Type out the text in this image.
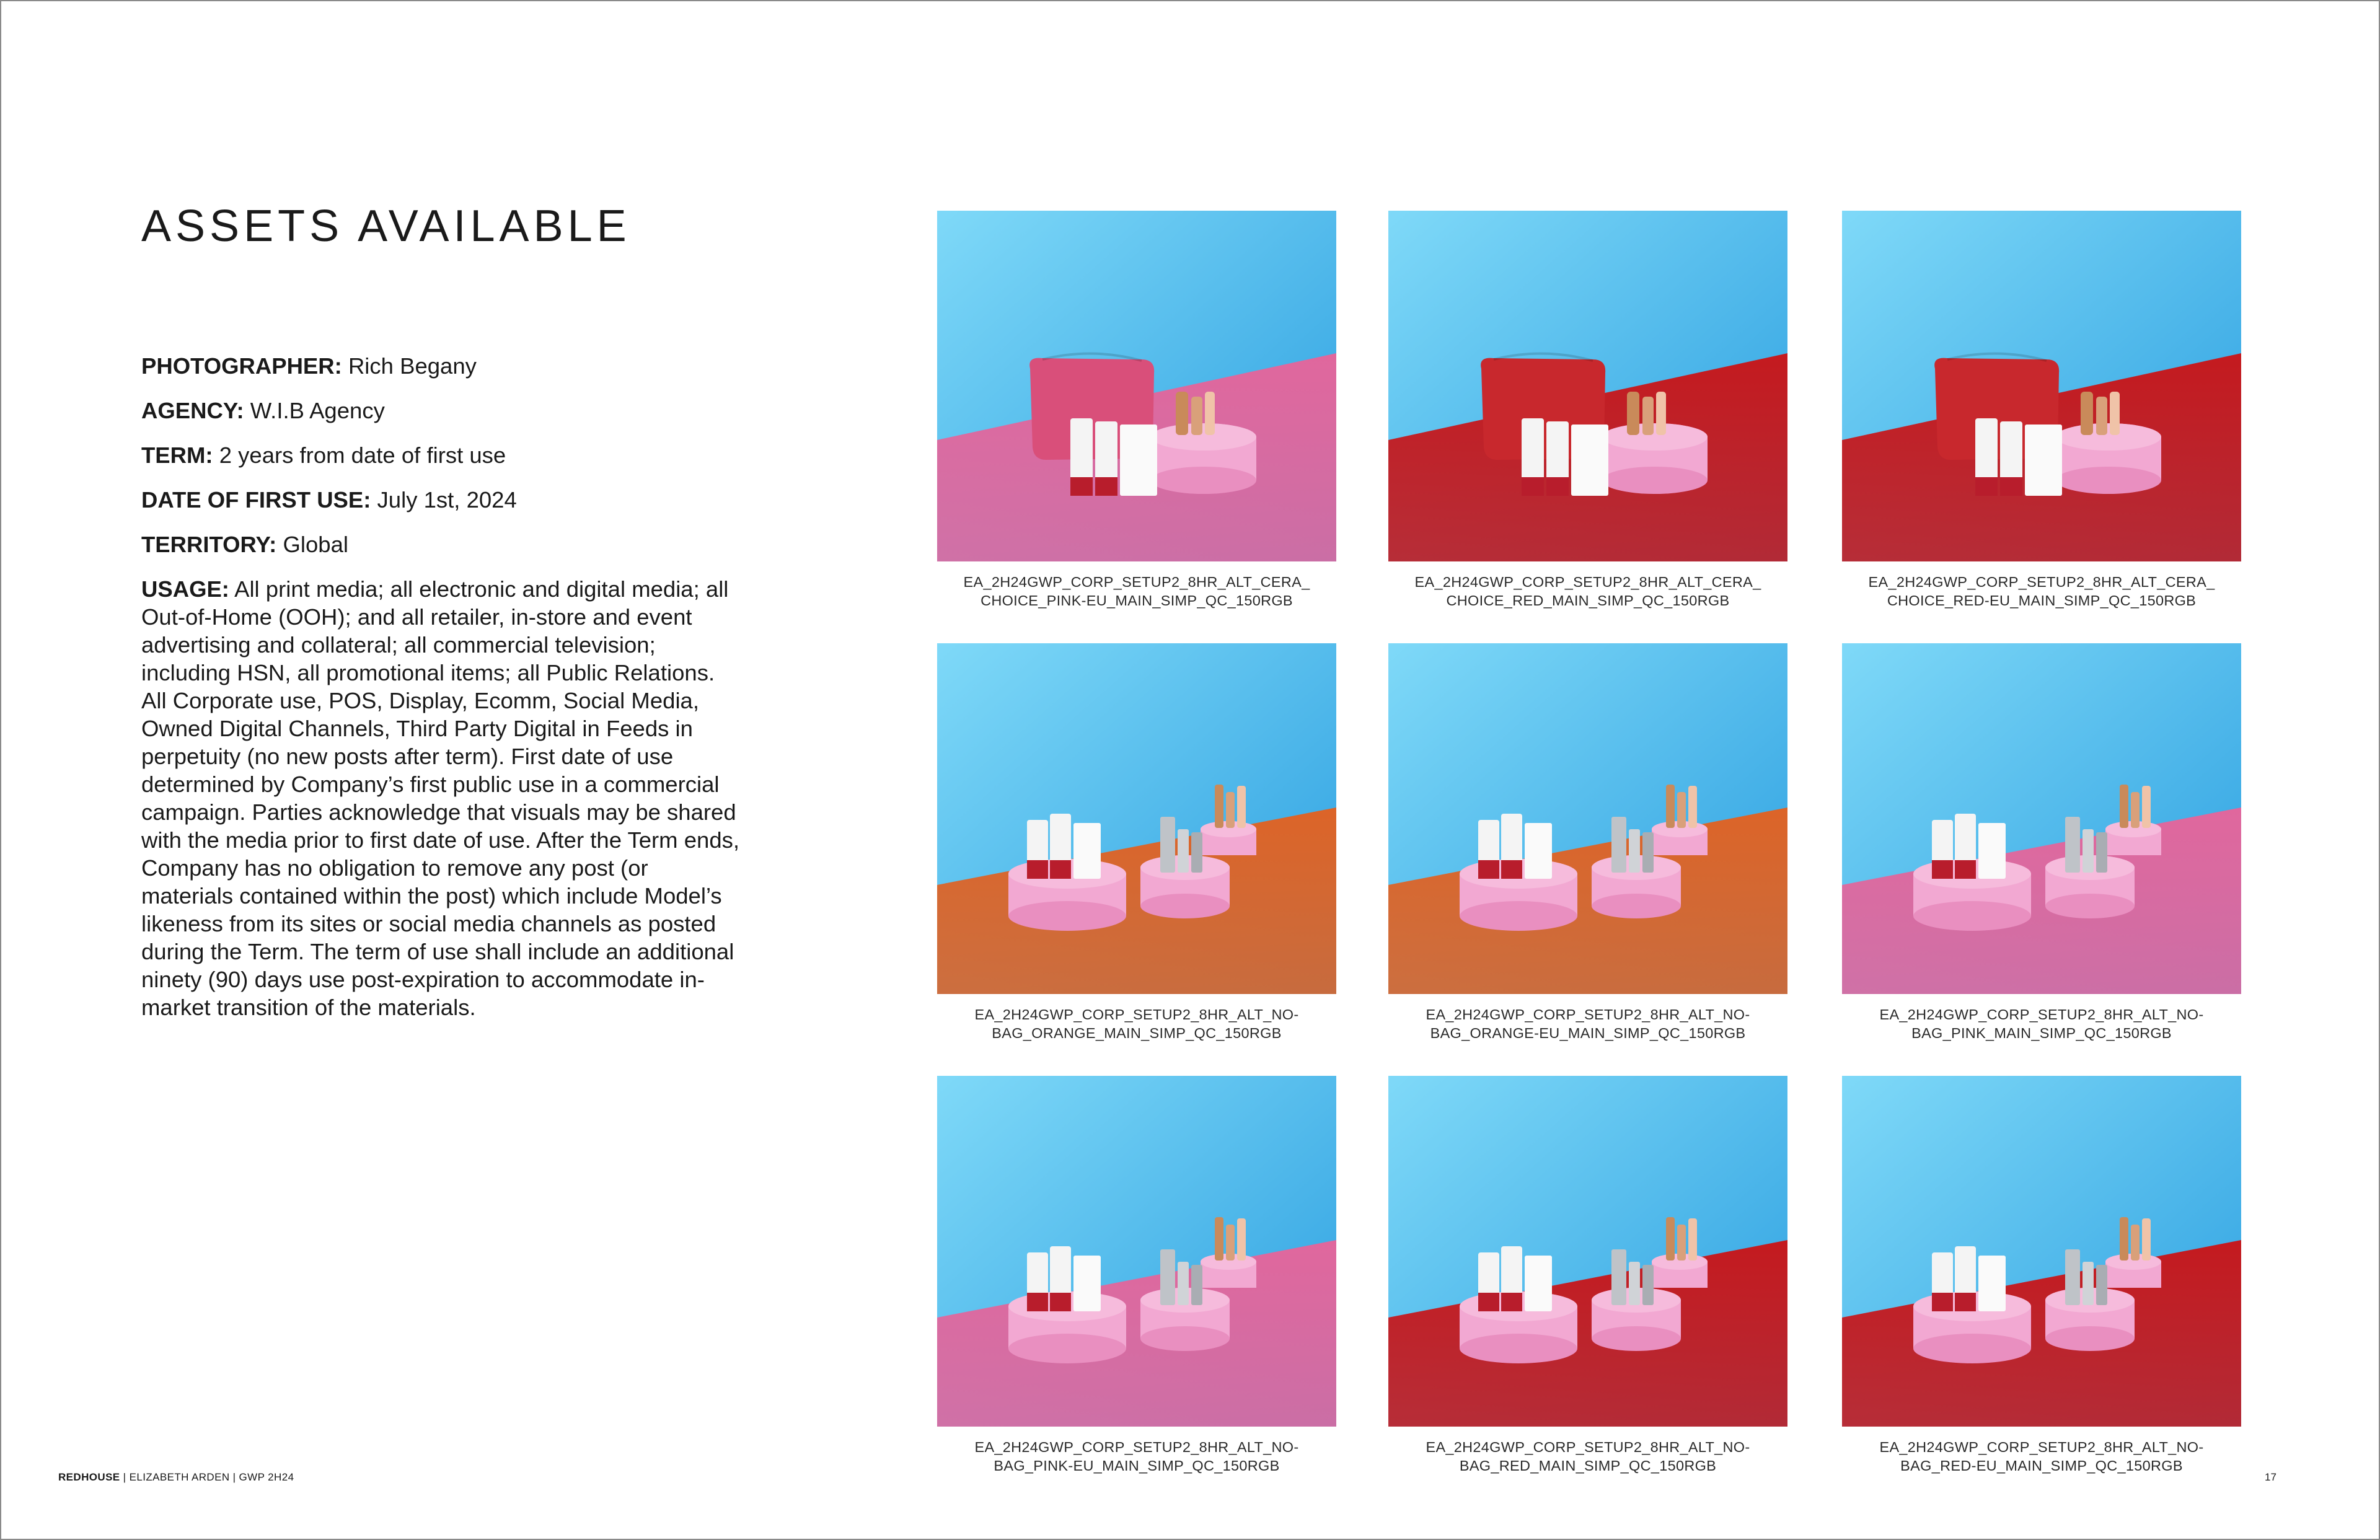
ASSETS AVAILABLE
PHOTOGRAPHER: Rich Begany
AGENCY: W.I.B Agency
TERM: 2 years from date of first use
DATE OF FIRST USE: July 1st, 2024
TERRITORY: Global
USAGE: All print media; all electronic and digital media; all Out-of-Home (OOH); and all retailer, in-store and event advertising and collateral; all commercial television; including HSN, all promotional items; all Public Relations. All Corporate use, POS, Display, Ecomm, Social Media, Owned Digital Channels, Third Party Digital in Feeds in perpetuity (no new posts after term). First date of use determined by Company’s first public use in a commercial campaign. Parties acknowledge that visuals may be shared with the media prior to first date of use. After the Term ends, Company has no obligation to remove any post (or materials contained within the post) which include Model’s likeness from its sites or social media channels as posted during the Term. The term of use shall include an additional ninety (90) days use post-expiration to accommodate in-market transition of the materials.
EA_2H24GWP_CORP_SETUP2_8HR_ALT_CERA_
CHOICE_PINK-EU_MAIN_SIMP_QC_150RGB
EA_2H24GWP_CORP_SETUP2_8HR_ALT_CERA_
CHOICE_RED_MAIN_SIMP_QC_150RGB
EA_2H24GWP_CORP_SETUP2_8HR_ALT_CERA_
CHOICE_RED-EU_MAIN_SIMP_QC_150RGB
EA_2H24GWP_CORP_SETUP2_8HR_ALT_NO-
BAG_ORANGE_MAIN_SIMP_QC_150RGB
EA_2H24GWP_CORP_SETUP2_8HR_ALT_NO-
BAG_ORANGE-EU_MAIN_SIMP_QC_150RGB
EA_2H24GWP_CORP_SETUP2_8HR_ALT_NO-
BAG_PINK_MAIN_SIMP_QC_150RGB
EA_2H24GWP_CORP_SETUP2_8HR_ALT_NO-
BAG_PINK-EU_MAIN_SIMP_QC_150RGB
EA_2H24GWP_CORP_SETUP2_8HR_ALT_NO-
BAG_RED_MAIN_SIMP_QC_150RGB
EA_2H24GWP_CORP_SETUP2_8HR_ALT_NO-
BAG_RED-EU_MAIN_SIMP_QC_150RGB
REDHOUSE | ELIZABETH ARDEN | GWP 2H24	17
